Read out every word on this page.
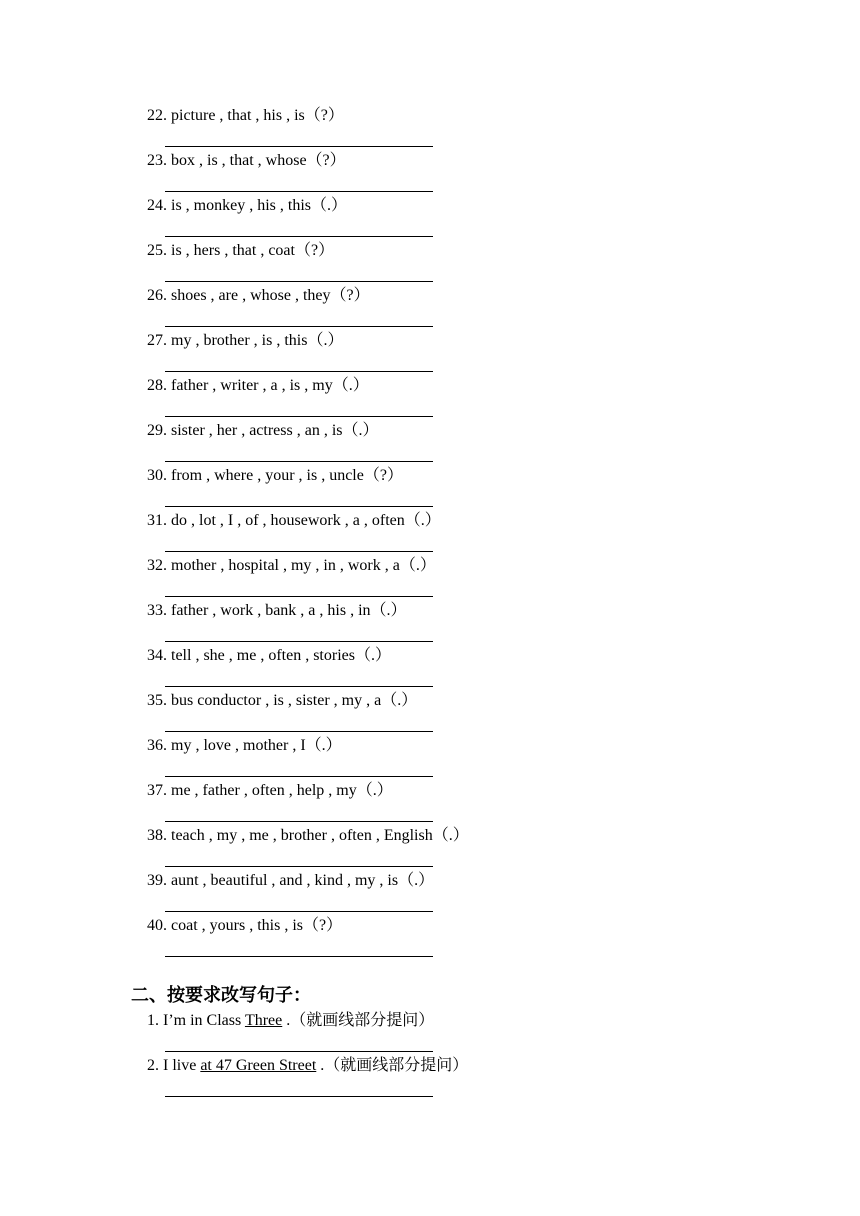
22. picture , that , his , is（?）
23. box , is , that , whose（?）
24. is , monkey , his , this（.）
25. is , hers , that , coat（?）
26. shoes , are , whose , they（?）
27. my , brother , is , this（.）
28. father , writer , a , is , my（.）
29. sister , her , actress , an , is（.）
30. from , where , your , is , uncle（?）
31. do , lot , I , of , housework , a , often（.）
32. mother , hospital , my , in , work , a（.）
33. father , work , bank , a , his , in（.）
34. tell , she , me , often , stories（.）
35. bus conductor , is , sister , my , a（.）
36. my , love , mother , I（.）
37. me , father , often , help , my（.）
38. teach , my , me , brother , often , English（.）
39. aunt , beautiful , and , kind , my , is（.）
40. coat , yours , this , is（?）
二、按要求改写句子：
1. I’m in Class Three .（就画线部分提问）
2. I live at 47 Green Street .（就画线部分提问）
